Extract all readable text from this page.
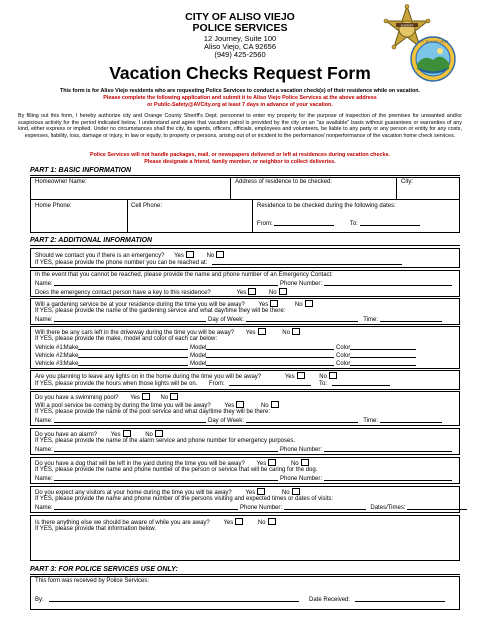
CITY OF ALISO VIEJO
POLICE SERVICES
12 Journey, Suite 100
Aliso Viejo, CA 92656
(949) 425-2560
SHERIFF
CITY OF ALISO VIEJO
Vacation Checks Request Form
This form is for Aliso Viejo residents who are requesting Police Services to conduct a vacation check(s) of their residence while on vacation.
Please complete the following application and submit it to Aliso Viejo Police Services at the above address
or Public-Safety@AVCity.org at least 7 days in advance of your vacation.
By filling out this form, I hereby authorize city and Orange County Sheriff's Dept. personnel to enter my property for the purpose of inspection of the premises for unwanted and/or suspicious activity for the period indicated below. I understand and agree that vacation patrol is provided by the city on an "as available" basis without guarantees or warranties of any kind, either express or implied. Under no circumstances shall the city, its agents, officers, officials, employees and volunteers, be liable to any party or any person or entity for any costs, expenses, liability, loss, damage or injury, in law or equity, to property or persons, arising out of or incident to the performance/ nonperformance of the vacation home check services.
Police Services will not handle packages, mail, or newspapers delivered or left at residences during vacation checks.
Please designate a friend, family member, or neighbor to collect deliveries.
PART 1: BASIC INFORMATION
Homeowner Name:	Address of residence to be checked:	City:
Home Phone:	Cell Phone:	Residence to be checked during the following dates:
From:	To:
PART 2: ADDITIONAL INFORMATION
Should we contact you if there is an emergency? Yes	No
If YES, please provide the phone number you can be reached at:
In the event that you cannot be reached, please provide the name and phone number of an Emergency Contact:
Name:	Phone Number:
Does the emergency contact person have a key to this residence?	Yes	No
Will a gardening service be at your residence during the time you will be away? Yes	No
If YES, please provide the name of the gardening service and what day/time they will be there:
Name:	Day of Week:	Time:
Will there be any cars left in the driveway during the time you will be away? Yes	No
If YES, please provide the make, model and color of each car below:
Vehicle #1: Make	Model	Color
Vehicle #2: Make	Model	Color
Vehicle #3: Make	Model	Color
Are you planning to leave any lights on in the home during the time you will be away?	Yes	No
If YES, please provide the hours when those lights will be on. From:	To:
Do you have a swimming pool? Yes	No
Will a pool service be coming by during the time you will be away? Yes	No
If YES, please provide the name of the pool service and what day/time they will be there:
Name:	Day of Week:	Time:
Do you have an alarm? Yes	No
If YES, please provide the name of the alarm service and phone number for emergency purposes.
Name:	Phone Number:
Do you have a dog that will be left in the yard during the time you will be away? Yes	No
If YES, please provide the name and phone number of the person or service that will be caring for the dog.
Name:	Phone Number:
Do you expect any visitors at your home during the time you will be away? Yes	No
If YES, please provide the name and phone number of the persons visiting and expected times or dates of visits:
Name:	Phone Number:	Dates/Times:
Is there anything else we should be aware of while you are away? Yes	No
If YES, please provide that information below.
PART 3: FOR POLICE SERVICES USE ONLY:
This form was received by Police Services:
By:	Date Received:
